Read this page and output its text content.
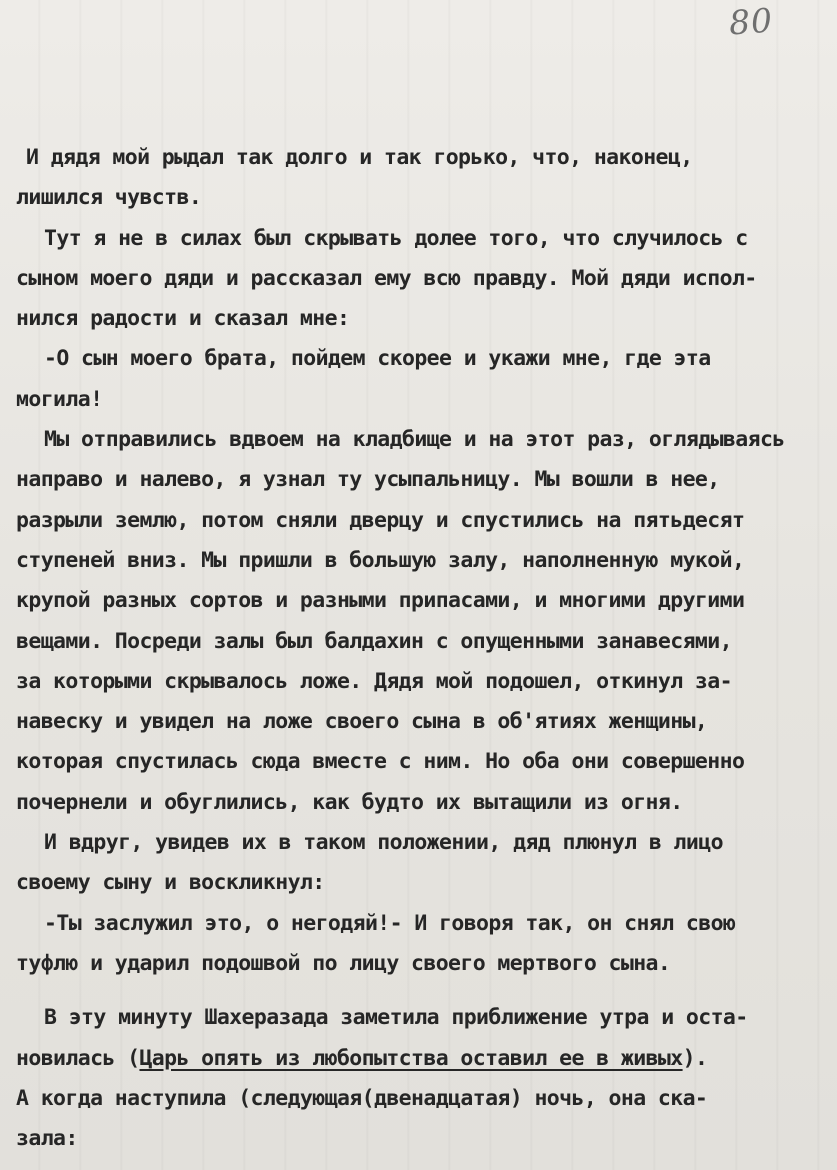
80
И дядя мой рыдал так долго и так горько, что, наконец,
лишился чувств.
Тут я не в силах был скрывать долее того, что случилось с
сыном моего дяди и рассказал ему всю правду. Мой дяди испол-
нился радости и сказал мне:
-О сын моего брата, пойдем скорее и укажи мне, где эта
могила!
Мы отправились вдвоем на кладбище и на этот раз, оглядываясь
направо и налево, я узнал ту усыпальницу. Мы вошли в нее,
разрыли землю, потом сняли дверцу и спустились на пятьдесят
ступеней вниз. Мы пришли в большую залу, наполненную мукой,
крупой разных сортов и разными припасами, и многими другими
вещами. Посреди залы был балдахин с опущенными занавесями,
за которыми скрывалось ложе. Дядя мой подошел, откинул за-
навеску и увидел на ложе своего сына в об'ятиях женщины,
которая спустилась сюда вместе с ним. Но оба они совершенно
почернели и обуглились, как будто их вытащили из огня.
И вдруг, увидев их в таком положении, дяд плюнул в лицо
своему сыну и воскликнул:
-Ты заслужил это, о негодяй!- И говоря так, он снял свою
туфлю и ударил подошвой по лицу своего мертвого сына.
В эту минуту Шахеразада заметила приближение утра и оста-
новилась (Царь опять из любопытства оставил ее в живых).
А когда наступила (следующая(двенадцатая) ночь, она ска-
зала:
